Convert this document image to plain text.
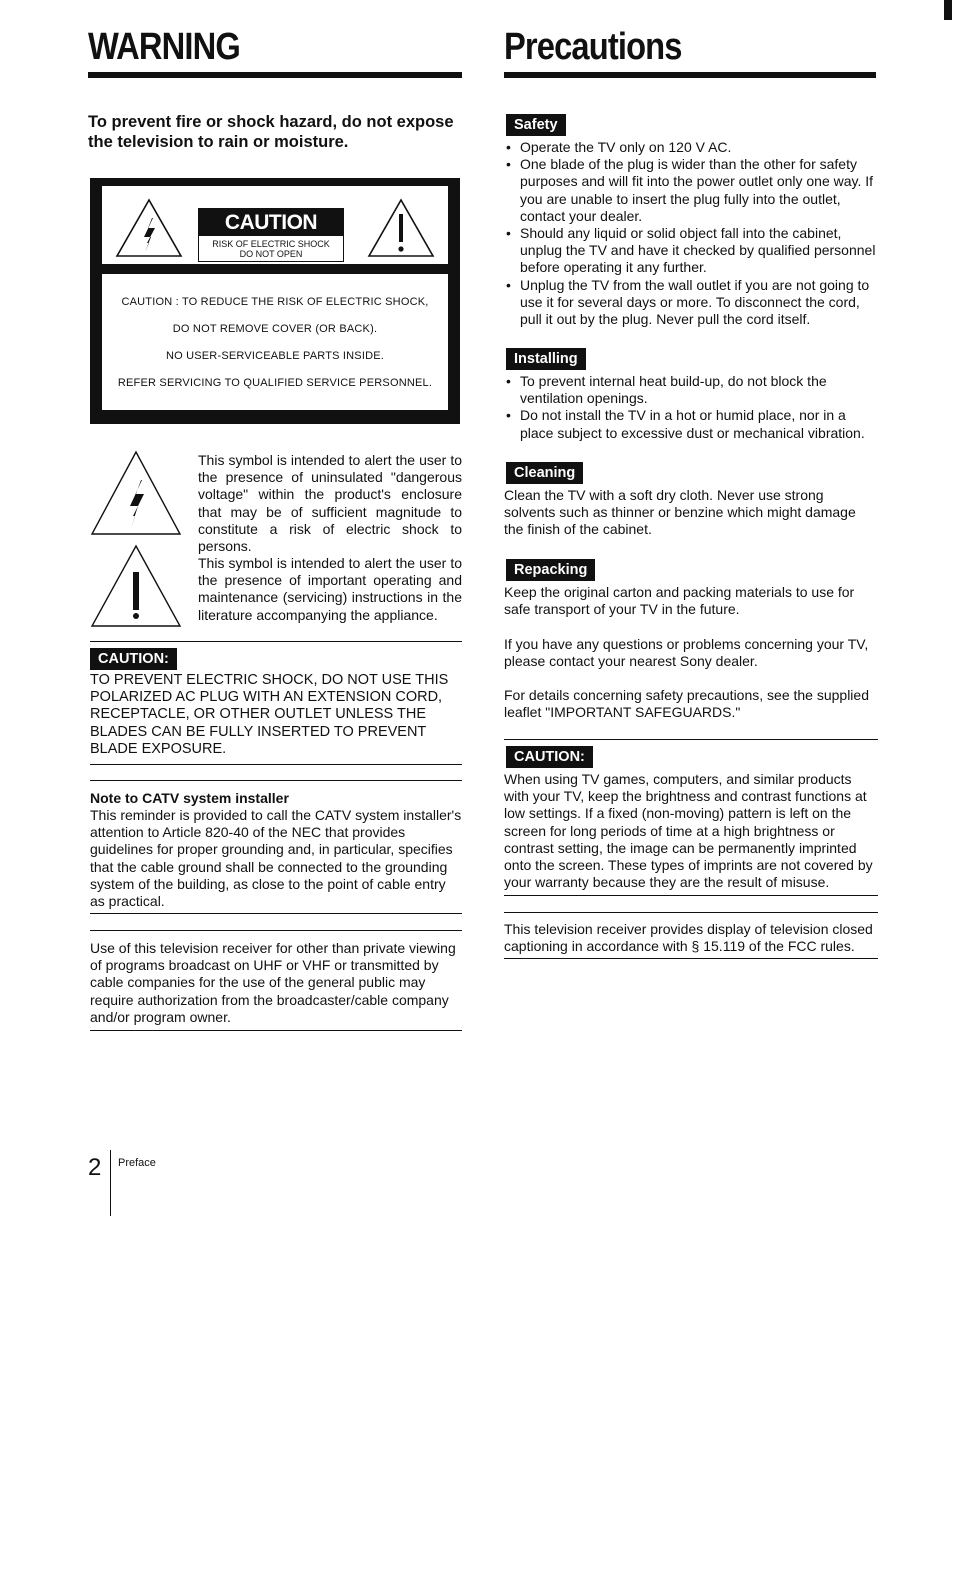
WARNING

To prevent fire or shock hazard, do not expose the television to rain or moisture.

CAUTION
RISK OF ELECTRIC SHOCK
DO NOT OPEN

CAUTION : TO REDUCE THE RISK OF ELECTRIC SHOCK,

DO NOT REMOVE COVER (OR BACK).

NO USER-SERVICEABLE PARTS INSIDE.

REFER SERVICING TO QUALIFIED SERVICE PERSONNEL.

This symbol is intended to alert the user to the presence of uninsulated "dangerous voltage" within the product's enclosure that may be of sufficient magnitude to constitute a risk of electric shock to persons.

This symbol is intended to alert the user to the presence of important operating and maintenance (servicing) instructions in the literature accompanying the appliance.

CAUTION:

TO PREVENT ELECTRIC SHOCK, DO NOT USE THIS POLARIZED AC PLUG WITH AN EXTENSION CORD, RECEPTACLE, OR OTHER OUTLET UNLESS THE BLADES CAN BE FULLY INSERTED TO PREVENT BLADE EXPOSURE.

Note to CATV system installer

This reminder is provided to call the CATV system installer's attention to Article 820-40 of the NEC that provides guidelines for proper grounding and, in particular, specifies that the cable ground shall be connected to the grounding system of the building, as close to the point of cable entry as practical.

Use of this television receiver for other than private viewing of programs broadcast on UHF or VHF or transmitted by cable companies for the use of the general public may require authorization from the broadcaster/cable company and/or program owner.

Precautions
Safety
• Operate the TV only on 120 V AC.
• One blade of the plug is wider than the other for safety purposes and will fit into the power outlet only one way. If you are unable to insert the plug fully into the outlet, contact your dealer.
• Should any liquid or solid object fall into the cabinet, unplug the TV and have it checked by qualified personnel before operating it any further.
• Unplug the TV from the wall outlet if you are not going to use it for several days or more. To disconnect the cord, pull it out by the plug. Never pull the cord itself.
Installing
• To prevent internal heat build-up, do not block the ventilation openings.
• Do not install the TV in a hot or humid place, nor in a place subject to excessive dust or mechanical vibration.
Cleaning

Clean the TV with a soft dry cloth. Never use strong solvents such as thinner or benzine which might damage the finish of the cabinet.

Repacking

Keep the original carton and packing materials to use for safe transport of your TV in the future.

If you have any questions or problems concerning your TV, please contact your nearest Sony dealer.

For details concerning safety precautions, see the supplied leaflet "IMPORTANT SAFEGUARDS."

CAUTION:

When using TV games, computers, and similar products with your TV, keep the brightness and contrast functions at low settings. If a fixed (non-moving) pattern is left on the screen for long periods of time at a high brightness or contrast setting, the image can be permanently imprinted onto the screen. These types of imprints are not covered by your warranty because they are the result of misuse.

This television receiver provides display of television closed captioning in accordance with § 15.119 of the FCC rules.

2 Preface
